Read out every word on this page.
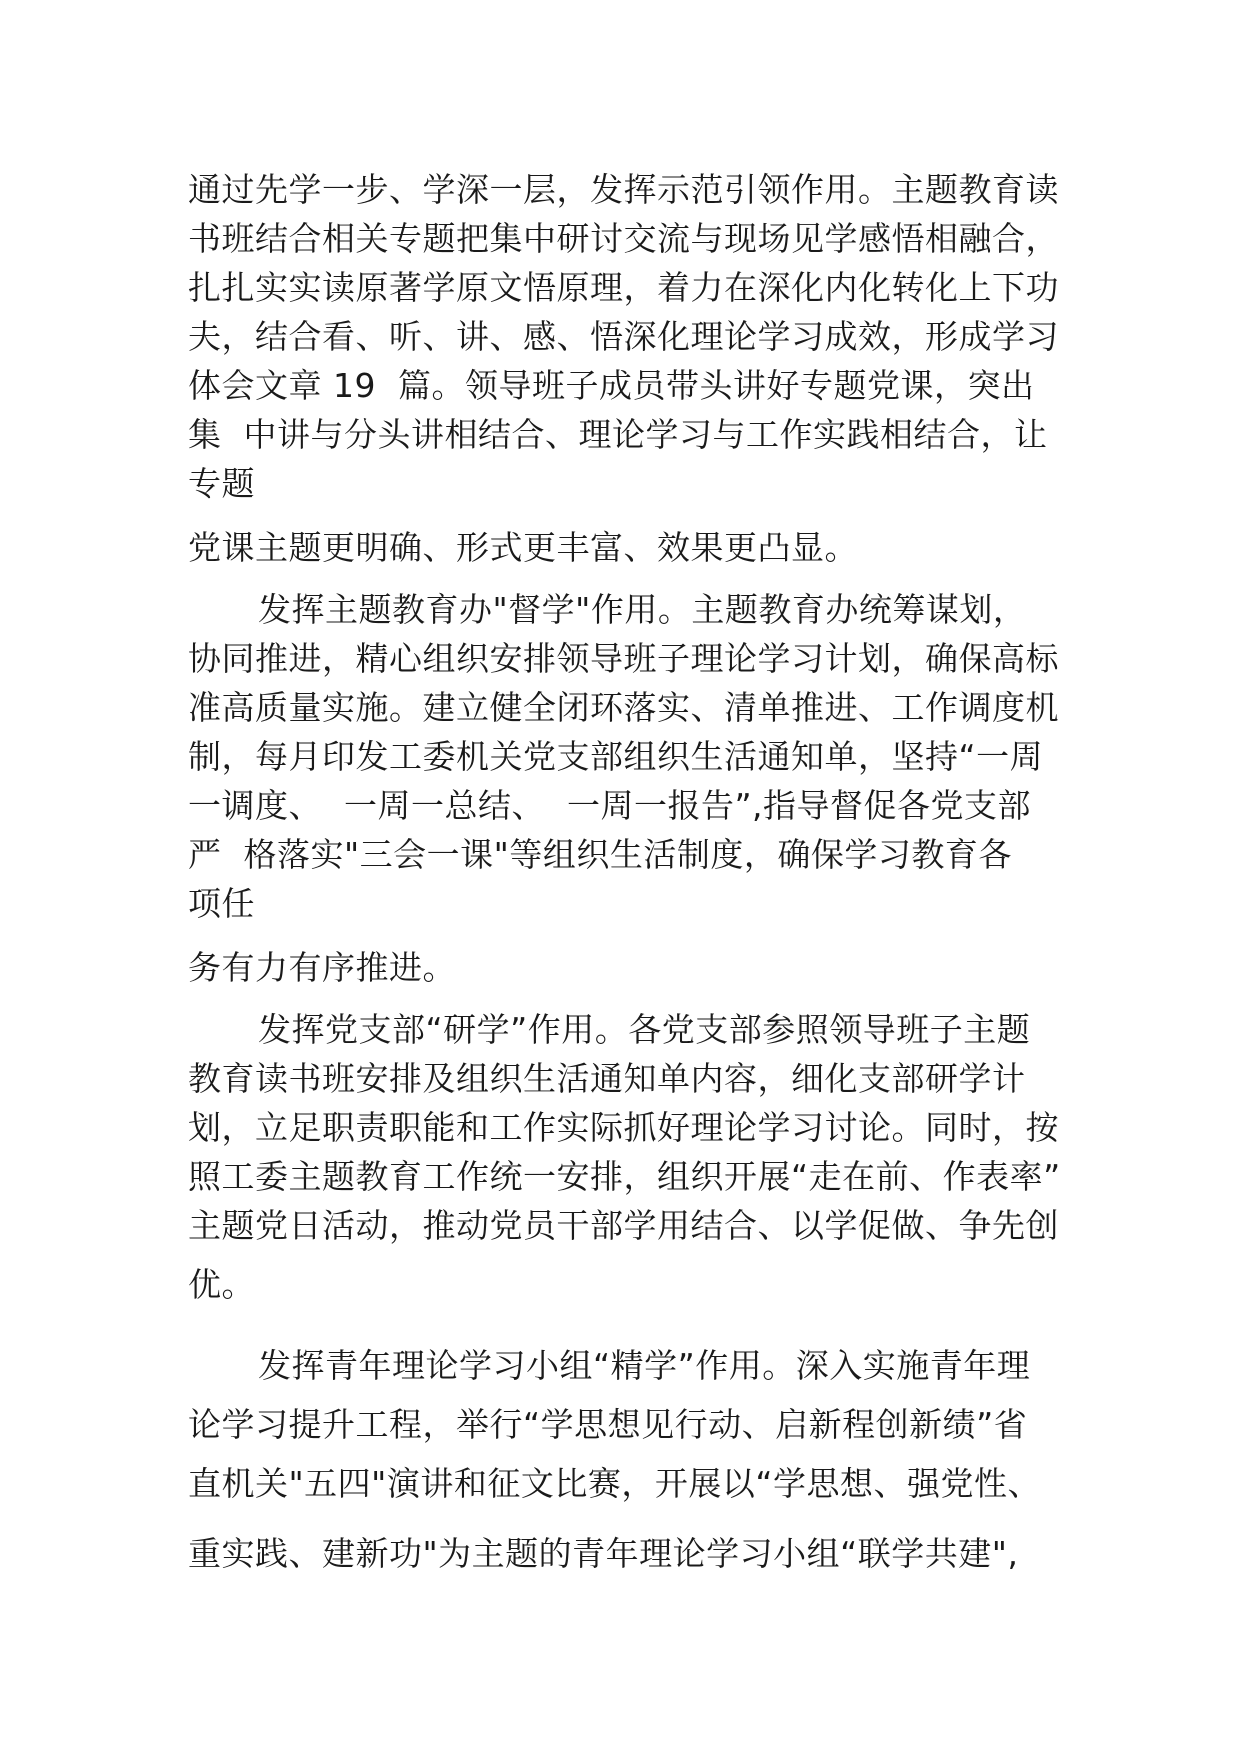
通过先学一步、学深一层，发挥示范引领作用。主题教育读
书班结合相关专题把集中研讨交流与现场见学感悟相融合，
扎扎实实读原著学原文悟原理，着力在深化内化转化上下功
夫，结合看、听、讲、感、悟深化理论学习成效，形成学习
体会文章 19  篇。领导班子成员带头讲好专题党课，突出
集  中讲与分头讲相结合、理论学习与工作实践相结合，让
专题
党课主题更明确、形式更丰富、效果更凸显。
发挥主题教育办"督学"作用。主题教育办统筹谋划，
协同推进，精心组织安排领导班子理论学习计划，确保高标
准高质量实施。建立健全闭环落实、清单推进、工作调度机
制，每月印发工委机关党支部组织生活通知单，坚持“一周
一调度、  一周一总结、  一周一报告”,指导督促各党支部
严  格落实"三会一课"等组织生活制度，确保学习教育各
项任
务有力有序推进。
发挥党支部“研学”作用。各党支部参照领导班子主题
教育读书班安排及组织生活通知单内容，细化支部研学计
划，立足职责职能和工作实际抓好理论学习讨论。同时，按
照工委主题教育工作统一安排，组织开展“走在前、作表率”
主题党日活动，推动党员干部学用结合、以学促做、争先创
优。
发挥青年理论学习小组“精学”作用。深入实施青年理
论学习提升工程，举行“学思想见行动、启新程创新绩”省
直机关"五四"演讲和征文比赛，开展以“学思想、强党性、
重实践、建新功"为主题的青年理论学习小组“联学共建",
